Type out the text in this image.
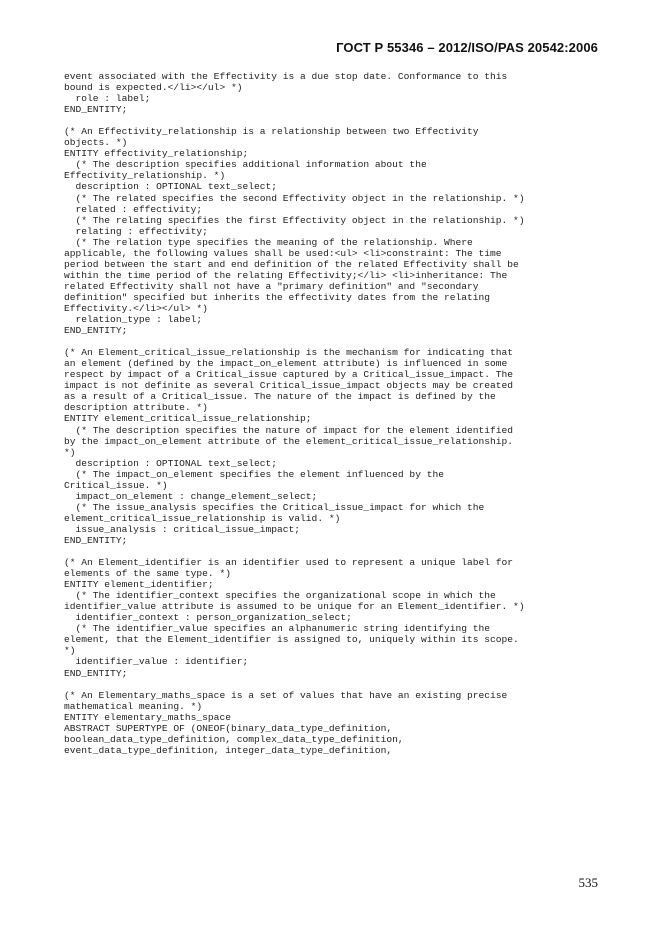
ГОСТ Р 55346 – 2012/ISO/PAS 20542:2006
event associated with the Effectivity is a due stop date. Conformance to this
bound is expected.</li></ul> *)
role : label;
END_ENTITY;
(* An Effectivity_relationship is a relationship between two Effectivity
objects. *)
ENTITY effectivity_relationship;
(* The description specifies additional information about the
Effectivity_relationship. *)
description : OPTIONAL text_select;
(* The related specifies the second Effectivity object in the relationship. *)
related : effectivity;
(* The relating specifies the first Effectivity object in the relationship. *)
relating : effectivity;
(* The relation type specifies the meaning of the relationship. Where
applicable, the following values shall be used:<ul> <li>constraint: The time
period between the start and end definition of the related Effectivity shall be
within the time period of the relating Effectivity;</li> <li>inheritance: The
related Effectivity shall not have a "primary definition" and "secondary
definition" specified but inherits the effectivity dates from the relating
Effectivity.</li></ul> *)
relation_type : label;
END_ENTITY;
(* An Element_critical_issue_relationship is the mechanism for indicating that
an element (defined by the impact_on_element attribute) is influenced in some
respect by impact of a Critical_issue captured by a Critical_issue_impact. The
impact is not definite as several Critical_issue_impact objects may be created
as a result of a Critical_issue. The nature of the impact is defined by the
description attribute. *)
ENTITY element_critical_issue_relationship;
(* The description specifies the nature of impact for the element identified
by the impact_on_element attribute of the element_critical_issue_relationship.
*)
description : OPTIONAL text_select;
(* The impact_on_element specifies the element influenced by the
Critical_issue. *)
impact_on_element : change_element_select;
(* The issue_analysis specifies the Critical_issue_impact for which the
element_critical_issue_relationship is valid. *)
issue_analysis : critical_issue_impact;
END_ENTITY;
(* An Element_identifier is an identifier used to represent a unique label for
elements of the same type. *)
ENTITY element_identifier;
(* The identifier_context specifies the organizational scope in which the
identifier_value attribute is assumed to be unique for an Element_identifier. *)
identifier_context : person_organization_select;
(* The identifier_value specifies an alphanumeric string identifying the
element, that the Element_identifier is assigned to, uniquely within its scope.
*)
identifier_value : identifier;
END_ENTITY;
(* An Elementary_maths_space is a set of values that have an existing precise
mathematical meaning. *)
ENTITY elementary_maths_space
ABSTRACT SUPERTYPE OF (ONEOF(binary_data_type_definition,
boolean_data_type_definition, complex_data_type_definition,
event_data_type_definition, integer_data_type_definition,
535
